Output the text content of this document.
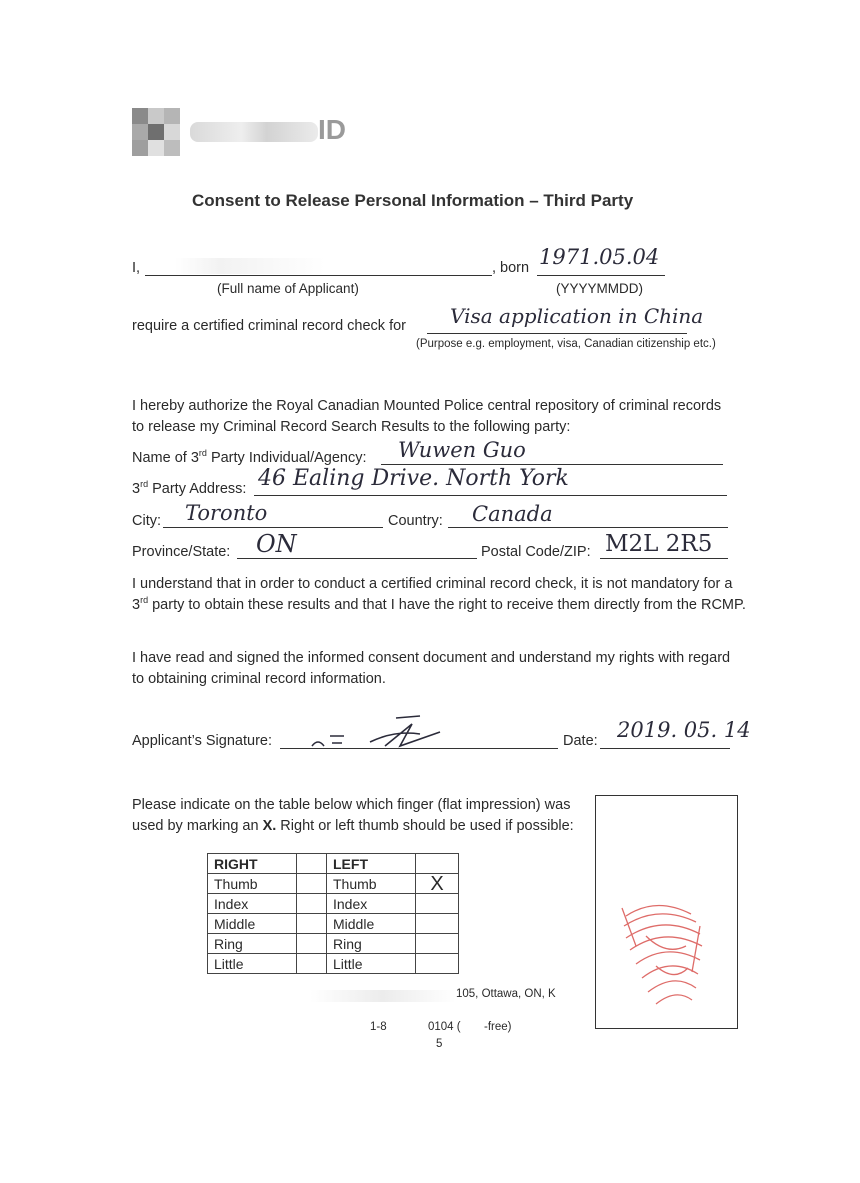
ID
Consent to Release Personal Information – Third Party
I,	, born 1971.05.04
(Full name of Applicant)	(YYYYMMDD)
require a certified criminal record check for Visa application in China
(Purpose e.g. employment, visa, Canadian citizenship etc.)
I hereby authorize the Royal Canadian Mounted Police central repository of criminal records to release my Criminal Record Search Results to the following party:
Name of 3rd Party Individual/Agency: Wuwen Guo
3rd Party Address: 46 Ealing Drive. North York
City: Toronto	Country: Canada
Province/State: ON	Postal Code/ZIP: M2L 2R5
I understand that in order to conduct a certified criminal record check, it is not mandatory for a 3rd party to obtain these results and that I have the right to receive them directly from the RCMP.
I have read and signed the informed consent document and understand my rights with regard to obtaining criminal record information.
Applicant’s Signature:	Date: 2019. 05. 14
Please indicate on the table below which finger (flat impression) was used by marking an X. Right or left thumb should be used if possible:
RIGHT		LEFT	
Thumb		Thumb	X
Index		Index	
Middle		Middle	
Ring		Ring	
Little		Little	
105, Ottawa, ON, K
1-8	0104 ( -free)
5
